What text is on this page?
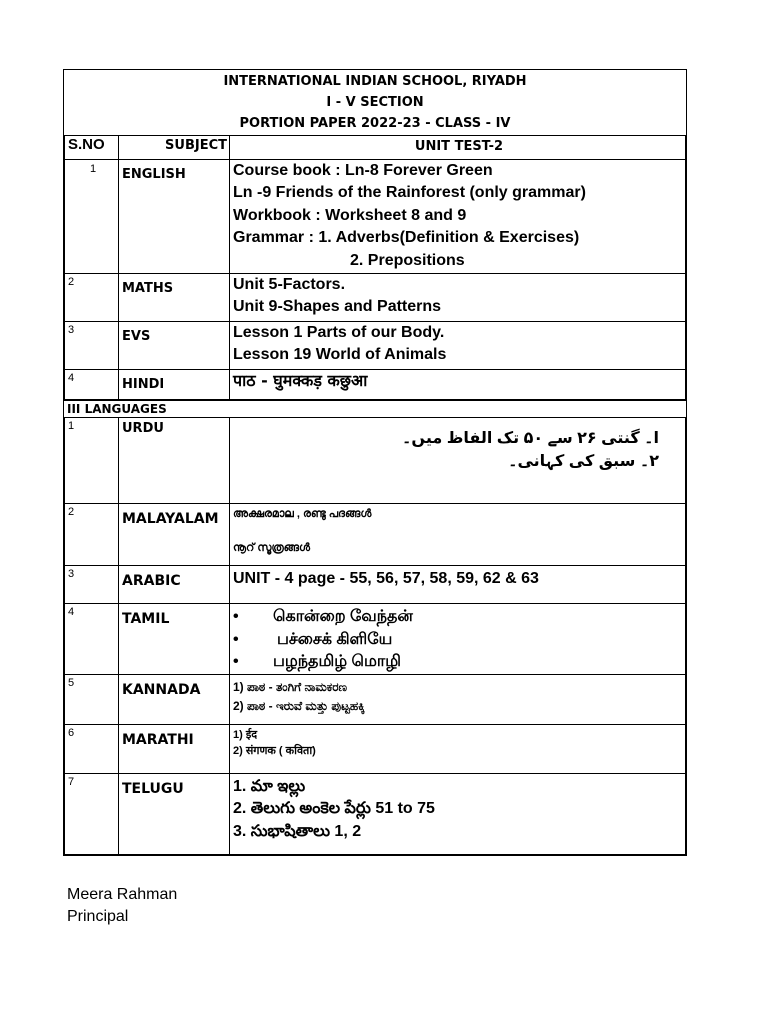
INTERNATIONAL INDIAN SCHOOL, RIYADH
I - V SECTION
PORTION PAPER 2022-23 - CLASS - IV
S.NO	SUBJECT	UNIT TEST-2
1	ENGLISH	Course book : Ln-8 Forever Green
Ln -9 Friends of the Rainforest (only grammar)
Workbook : Worksheet 8 and 9
Grammar : 1. Adverbs(Definition & Exercises)
2. Prepositions

2	MATHS	Unit 5-Factors.
Unit 9-Shapes and Patterns

3	EVS	Lesson 1 Parts of our Body.
Lesson 19 World of Animals

4	HINDI	पाठ - घुमक्कड़ कछुआ
III LANGUAGES
1	URDU	ا۔ گنتی ۲۶ سے ۵۰ تک الفاظ میں۔
۲۔ سبق کی کہانی۔

2	MALAYALAM	അക്ഷരമാല , രണ്ടു പദങ്ങൾ
നൂറ് സൂത്രങ്ങൾ

3	ARABIC	UNIT - 4 page - 55, 56, 57, 58, 59, 62 & 63

4	TAMIL	• கொன்றை வேந்தன்
• பச்சைக் கிளியே
• பழந்தமிழ் மொழி

5	KANNADA	1) ಪಾಠ - ತಂಗಿಗೆ ನಾಮಕರಣ
2) ಪಾಠ - ಇರುವೆ ಮತ್ತು ಪುಟ್ಟಹಕ್ಕಿ

6	MARATHI	1) ईद
2) संगणक ( कविता)

7	TELUGU	1. మా ఇల్లు
2. తెలుగు అంకెల పేర్లు 51 to 75
3. సుభాషితాలు 1, 2
Meera Rahman
Principal
